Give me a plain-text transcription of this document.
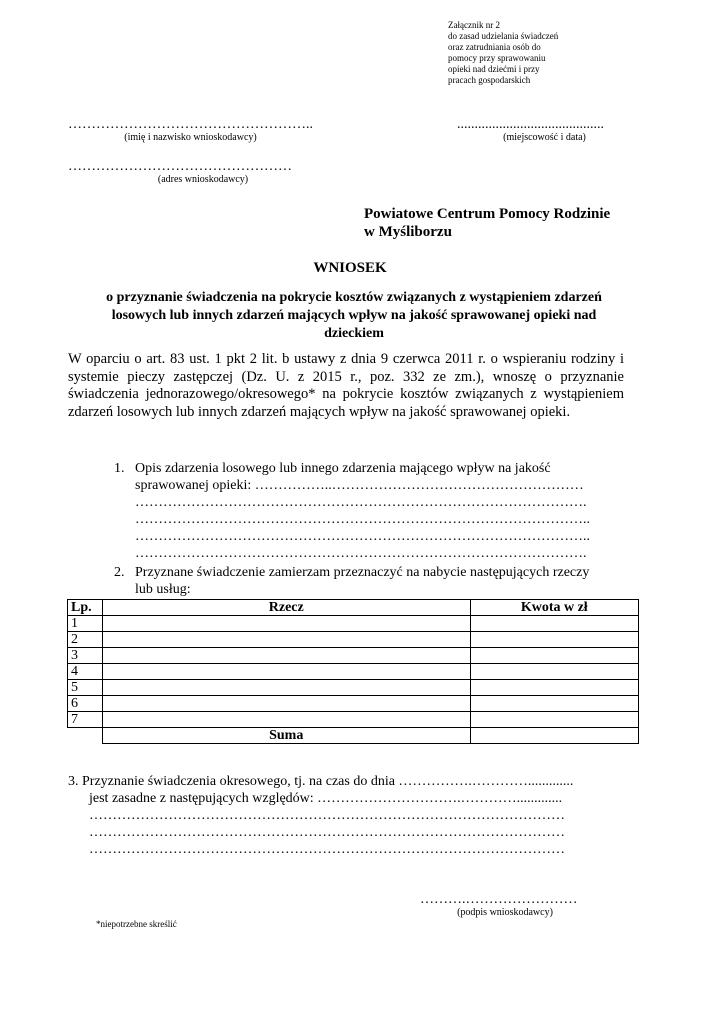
Załącznik nr 2
do zasad udzielania świadczeń
oraz zatrudniania osób do
pomocy przy sprawowaniu
opieki nad dziećmi i przy
pracach gospodarskich
……………………………………………..
(imię i nazwisko wnioskodawcy)
..........................................
(miejscowość i data)
…………………………………………
(adres wnioskodawcy)
Powiatowe Centrum Pomocy Rodzinie
w Myśliborzu
WNIOSEK
o przyznanie świadczenia na pokrycie kosztów związanych z wystąpieniem zdarzeń
losowych lub innych zdarzeń mających wpływ na jakość sprawowanej opieki nad
dzieckiem
W oparciu o art. 83 ust. 1 pkt 2 lit. b ustawy z dnia 9 czerwca 2011 r. o wspieraniu rodziny i systemie pieczy zastępczej (Dz. U. z 2015 r., poz. 332 ze zm.), wnoszę o przyznanie świadczenia jednorazowego/okresowego* na pokrycie kosztów związanych z wystąpieniem zdarzeń losowych lub innych zdarzeń mających wpływ na jakość sprawowanej opieki.
1. Opis zdarzenia losowego lub innego zdarzenia mającego wpływ na jakość
sprawowanej opieki: ……………..………………………………………………
…………………………………………………………………………………….
……………………………………………………………………………………..
……………………………………………………………………………………..
…………………………………………………………………………………….
2. Przyznane świadczenie zamierzam przeznaczyć na nabycie następujących rzeczy
lub usług:
Lp.	Rzecz	Kwota w zł
1		
2		
3		
4		
5		
6		
7		
	Suma	
3. Przyznanie świadczenia okresowego, tj. na czas do dnia …………….………….............
jest zasadne z następujących względów: ………………………….………….............
…………………………………………………………………………………………
…………………………………………………………………………………………
…………………………………………………………………………………………
……….……………………
(podpis wnioskodawcy)
*niepotrzebne skreślić
